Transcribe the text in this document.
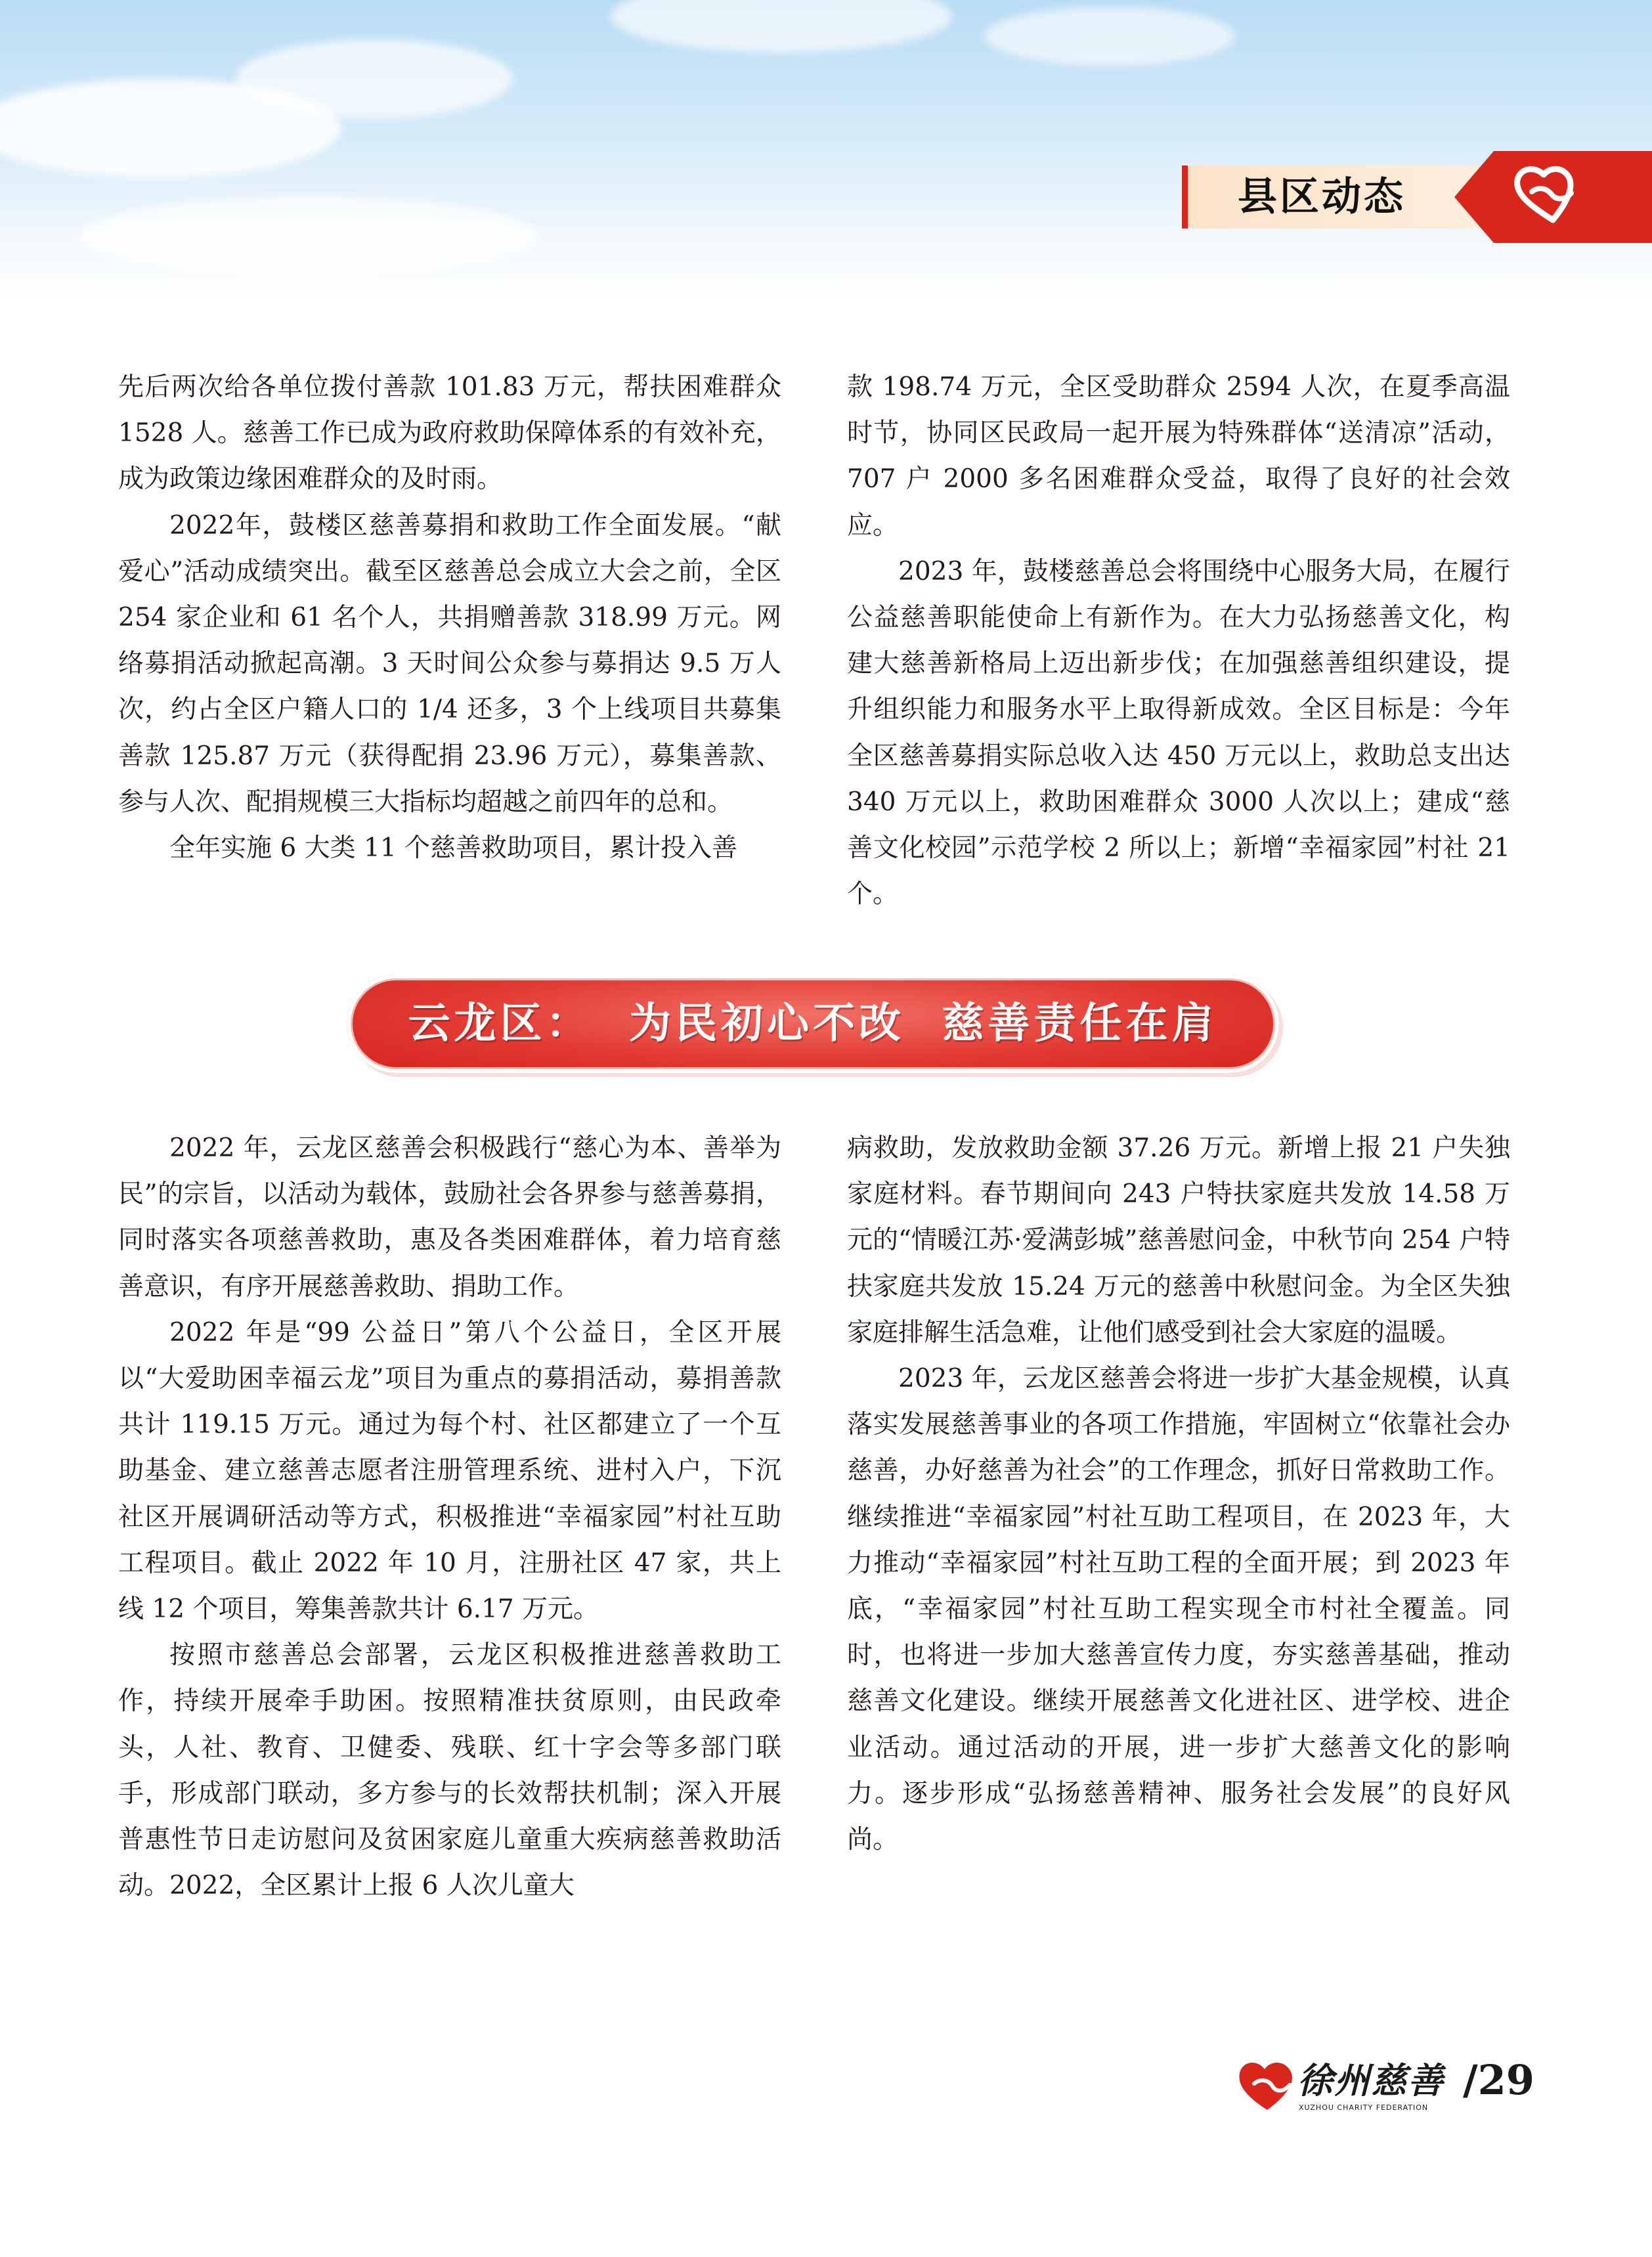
县区动态

先后两次给各单位拨付善款 101.83 万元，帮扶困难群众 1528 人。慈善工作已成为政府救助保障体系的有效补充，成为政策边缘困难群众的及时雨。

2022年，鼓楼区慈善募捐和救助工作全面发展。“献爱心”活动成绩突出。截至区慈善总会成立大会之前，全区 254 家企业和 61 名个人，共捐赠善款 318.99 万元。网络募捐活动掀起高潮。3 天时间公众参与募捐达 9.5 万人次，约占全区户籍人口的 1/4 还多，3 个上线项目共募集善款 125.87 万元（获得配捐 23.96 万元），募集善款、 参与人次、配捐规模三大指标均超越之前四年的总和。

全年实施 6 大类 11 个慈善救助项目，累计投入善

款 198.74 万元，全区受助群众 2594 人次，在夏季高温时节，协同区民政局一起开展为特殊群体“送清凉”活动，707 户 2000 多名困难群众受益，取得了良好的社会效应。

2023 年，鼓楼慈善总会将围绕中心服务大局，在履行公益慈善职能使命上有新作为。在大力弘扬慈善文化，构建大慈善新格局上迈出新步伐；在加强慈善组织建设，提升组织能力和服务水平上取得新成效。全区目标是：今年全区慈善募捐实际总收入达 450 万元以上，救助总支出达 340 万元以上，救助困难群众 3000 人次以上；建成“慈善文化校园”示范学校 2 所以上；新增“幸福家园”村社 21 个。

云龙区：  为民初心不改  慈善责任在肩

2022 年，云龙区慈善会积极践行“慈心为本、善举为民”的宗旨，以活动为载体，鼓励社会各界参与慈善募捐，同时落实各项慈善救助，惠及各类困难群体，着力培育慈善意识，有序开展慈善救助、捐助工作。

2022 年是“99 公益日”第八个公益日，全区开展以“大爱助困幸福云龙”项目为重点的募捐活动，募捐善款共计 119.15 万元。通过为每个村、社区都建立了一个互助基金、建立慈善志愿者注册管理系统、进村入户，下沉社区开展调研活动等方式，积极推进“幸福家园”村社互助工程项目。截止 2022 年 10 月，注册社区 47 家，共上线 12 个项目，筹集善款共计 6.17 万元。

按照市慈善总会部署，云龙区积极推进慈善救助工作，持续开展牵手助困。按照精准扶贫原则，由民政牵头，人社、教育、卫健委、残联、红十字会等多部门联手，形成部门联动，多方参与的长效帮扶机制；深入开展普惠性节日走访慰问及贫困家庭儿童重大疾病慈善救助活动。2022，全区累计上报 6 人次儿童大

病救助，发放救助金额 37.26 万元。新增上报 21 户失独家庭材料。春节期间向 243 户特扶家庭共发放 14.58 万元的“情暖江苏·爱满彭城”慈善慰问金，中秋节向 254 户特扶家庭共发放 15.24 万元的慈善中秋慰问金。为全区失独家庭排解生活急难，让他们感受到社会大家庭的温暖。

2023 年，云龙区慈善会将进一步扩大基金规模，认真落实发展慈善事业的各项工作措施，牢固树立“依靠社会办慈善，办好慈善为社会”的工作理念，抓好日常救助工作。继续推进“幸福家园”村社互助工程项目，在 2023 年，大力推动“幸福家园”村社互助工程的全面开展；到 2023 年底，“幸福家园”村社互助工程实现全市村社全覆盖。同时，也将进一步加大慈善宣传力度，夯实慈善基础，推动慈善文化建设。继续开展慈善文化进社区、进学校、进企业活动。通过活动的开展，进一步扩大慈善文化的影响力。逐步形成“弘扬慈善精神、服务社会发展”的良好风尚。

徐州慈善
XUZHOU CHARITY FEDERATION
/29
